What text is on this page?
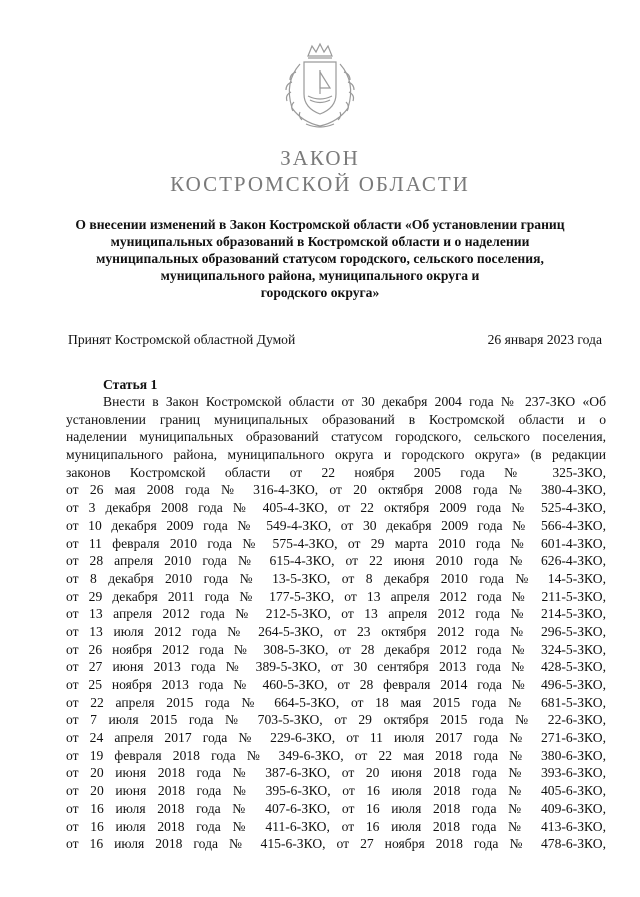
ЗАКОН
КОСТРОМСКОЙ ОБЛАСТИ
О внесении изменений в Закон Костромской области «Об установлении границ
муниципальных образований в Костромской области и о наделении
муниципальных образований статусом городского, сельского поселения,
муниципального района, муниципального округа и
городского округа»
Принят Костромской областной Думой	26 января 2023 года
Статья 1
Внести в Закон Костромской области от 30 декабря 2004 года № 237-ЗКО «Об
установлении границ муниципальных образований в Костромской области и о
наделении муниципальных образований статусом городского, сельского поселения,
муниципального района, муниципального округа и городского округа» (в редакции
законов Костромской области от 22 ноября 2005 года № 325-ЗКО,
от 26 мая 2008 года № 316-4-ЗКО, от 20 октября 2008 года № 380-4-ЗКО,
от 3 декабря 2008 года № 405-4-ЗКО, от 22 октября 2009 года № 525-4-ЗКО,
от 10 декабря 2009 года № 549-4-ЗКО, от 30 декабря 2009 года № 566-4-ЗКО,
от 11 февраля 2010 года № 575-4-ЗКО, от 29 марта 2010 года № 601-4-ЗКО,
от 28 апреля 2010 года № 615-4-ЗКО, от 22 июня 2010 года № 626-4-ЗКО,
от 8 декабря 2010 года № 13-5-ЗКО, от 8 декабря 2010 года № 14-5-ЗКО,
от 29 декабря 2011 года № 177-5-ЗКО, от 13 апреля 2012 года № 211-5-ЗКО,
от 13 апреля 2012 года № 212-5-ЗКО, от 13 апреля 2012 года № 214-5-ЗКО,
от 13 июля 2012 года № 264-5-ЗКО, от 23 октября 2012 года № 296-5-ЗКО,
от 26 ноября 2012 года № 308-5-ЗКО, от 28 декабря 2012 года № 324-5-ЗКО,
от 27 июня 2013 года № 389-5-ЗКО, от 30 сентября 2013 года № 428-5-ЗКО,
от 25 ноября 2013 года № 460-5-ЗКО, от 28 февраля 2014 года № 496-5-ЗКО,
от 22 апреля 2015 года № 664-5-ЗКО, от 18 мая 2015 года № 681-5-ЗКО,
от 7 июля 2015 года № 703-5-ЗКО, от 29 октября 2015 года № 22-6-ЗКО,
от 24 апреля 2017 года № 229-6-ЗКО, от 11 июля 2017 года № 271-6-ЗКО,
от 19 февраля 2018 года № 349-6-ЗКО, от 22 мая 2018 года № 380-6-ЗКО,
от 20 июня 2018 года № 387-6-ЗКО, от 20 июня 2018 года № 393-6-ЗКО,
от 20 июня 2018 года № 395-6-ЗКО, от 16 июля 2018 года № 405-6-ЗКО,
от 16 июля 2018 года № 407-6-ЗКО, от 16 июля 2018 года № 409-6-ЗКО,
от 16 июля 2018 года № 411-6-ЗКО, от 16 июля 2018 года № 413-6-ЗКО,
от 16 июля 2018 года № 415-6-ЗКО, от 27 ноября 2018 года № 478-6-ЗКО,
